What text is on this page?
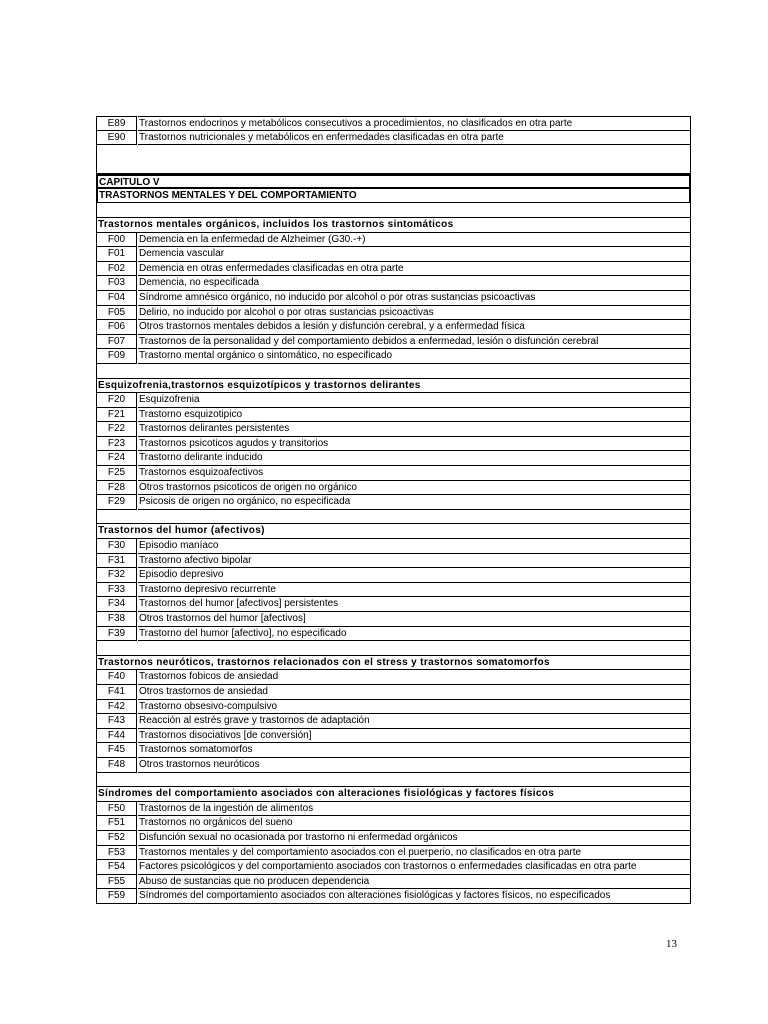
E89	Trastornos endocrinos y metabólicos consecutivos a procedimientos, no clasificados en otra parte
E90	Trastornos nutricionales y metabólicos en enfermedades clasificadas en otra parte
CAPITULO V
TRASTORNOS MENTALES Y DEL COMPORTAMIENTO
Trastornos mentales orgánicos, incluidos los trastornos sintomáticos
F00	Demencia en la enfermedad de Alzheimer (G30.-+)
F01	Demencia vascular
F02	Demencia en otras enfermedades clasificadas en otra parte
F03	Demencia, no especificada
F04	Síndrome amnésico orgánico, no inducido por alcohol o por otras sustancias psicoactivas
F05	Delirio, no inducido por alcohol o por otras sustancias psicoactivas
F06	Otros trastornos mentales debidos a lesión y disfunción cerebral, y a enfermedad física
F07	Trastornos de la personalidad y del comportamiento debidos a enfermedad, lesión o disfunción cerebral
F09	Trastorno mental orgánico o sintomático, no especificado
Esquizofrenia,trastornos esquizotípicos y trastornos delirantes
F20	Esquizofrenia
F21	Trastorno esquizotipico
F22	Trastornos delirantes persistentes
F23	Trastornos psicoticos agudos y transitorios
F24	Trastorno delirante inducido
F25	Trastornos esquizoafectivos
F28	Otros trastornos psicoticos de origen no orgánico
F29	Psicosis de origen no orgánico, no especificada
Trastornos del humor (afectivos)
F30	Episodio maníaco
F31	Trastorno afectivo bipolar
F32	Episodio depresivo
F33	Trastorno depresivo recurrente
F34	Trastornos del humor [afectivos] persistentes
F38	Otros trastornos del humor [afectivos]
F39	Trastorno del humor [afectivo], no especificado
Trastornos neuróticos, trastornos relacionados con el stress y trastornos somatomorfos
F40	Trastornos fobicos de ansiedad
F41	Otros trastornos de ansiedad
F42	Trastorno obsesivo-compulsivo
F43	Reacción al estrés grave y trastornos de adaptación
F44	Trastornos disociativos [de conversión]
F45	Trastornos somatomorfos
F48	Otros trastornos neuróticos
Síndromes del comportamiento asociados con alteraciones fisiológicas y factores físicos
F50	Trastornos de la ingestión de alimentos
F51	Trastornos no orgánicos del sueno
F52	Disfunción sexual no ocasionada por trastorno ni enfermedad orgánicos
F53	Trastornos mentales y del comportamiento asociados con el puerperio, no clasificados en otra parte
F54	Factores psicológicos y del comportamiento asociados con trastornos o enfermedades clasificadas en otra parte
F55	Abuso de sustancias que no producen dependencia
F59	Síndromes del comportamiento asociados con alteraciones fisiológicas y factores físicos, no especificados
13
